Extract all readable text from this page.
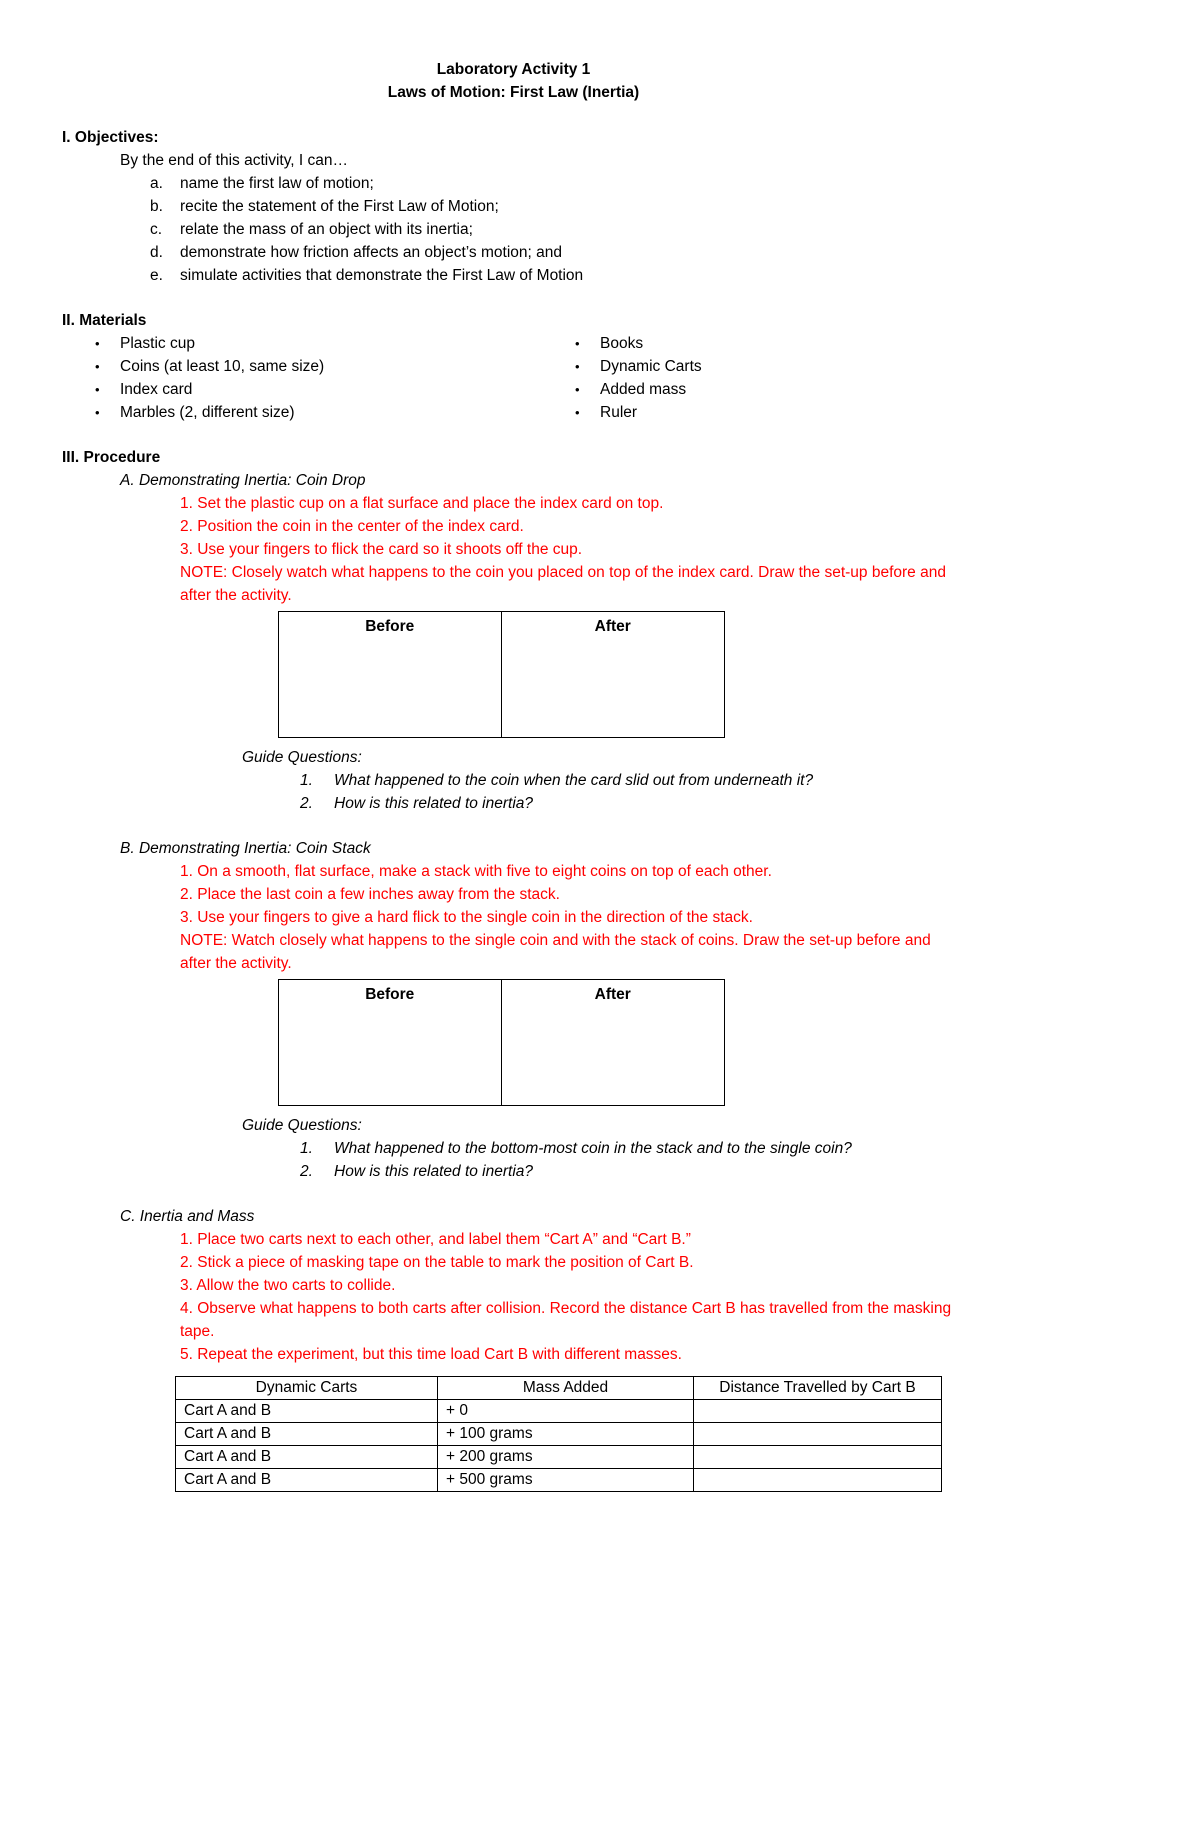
Laboratory Activity 1
Laws of Motion: First Law (Inertia)
I. Objectives:
By the end of this activity, I can…
a.	name the first law of motion;
b.	recite the statement of the First Law of Motion;
c.	relate the mass of an object with its inertia;
d.	demonstrate how friction affects an object’s motion; and
e.	simulate activities that demonstrate the First Law of Motion
II. Materials
•	Plastic cup
•	Coins (at least 10, same size)
•	Index card
•	Marbles (2, different size)
•	Books
•	Dynamic Carts
•	Added mass
•	Ruler
III. Procedure
A. Demonstrating Inertia: Coin Drop

1. Set the plastic cup on a flat surface and place the index card on top.

2. Position the coin in the center of the index card.

3. Use your fingers to flick the card so it shoots off the cup.

NOTE: Closely watch what happens to the coin you placed on top of the index card. Draw the set-up before and after the activity.

Before	After
Guide Questions:
1.	What happened to the coin when the card slid out from underneath it?
2.	How is this related to inertia?
B. Demonstrating Inertia: Coin Stack

1. On a smooth, flat surface, make a stack with five to eight coins on top of each other.

2. Place the last coin a few inches away from the stack.

3. Use your fingers to give a hard flick to the single coin in the direction of the stack.

NOTE: Watch closely what happens to the single coin and with the stack of coins. Draw the set-up before and after the activity.

Before	After
Guide Questions:
1.	What happened to the bottom-most coin in the stack and to the single coin?
2.	How is this related to inertia?
C. Inertia and Mass

1. Place two carts next to each other, and label them “Cart A” and “Cart B.”

2. Stick a piece of masking tape on the table to mark the position of Cart B.

3. Allow the two carts to collide.

4. Observe what happens to both carts after collision. Record the distance Cart B has travelled from the masking tape.

5. Repeat the experiment, but this time load Cart B with different masses.

Dynamic Carts	Mass Added	Distance Travelled by Cart B
Cart A and B	+ 0	
Cart A and B	+ 100 grams	
Cart A and B	+ 200 grams	
Cart A and B	+ 500 grams	
